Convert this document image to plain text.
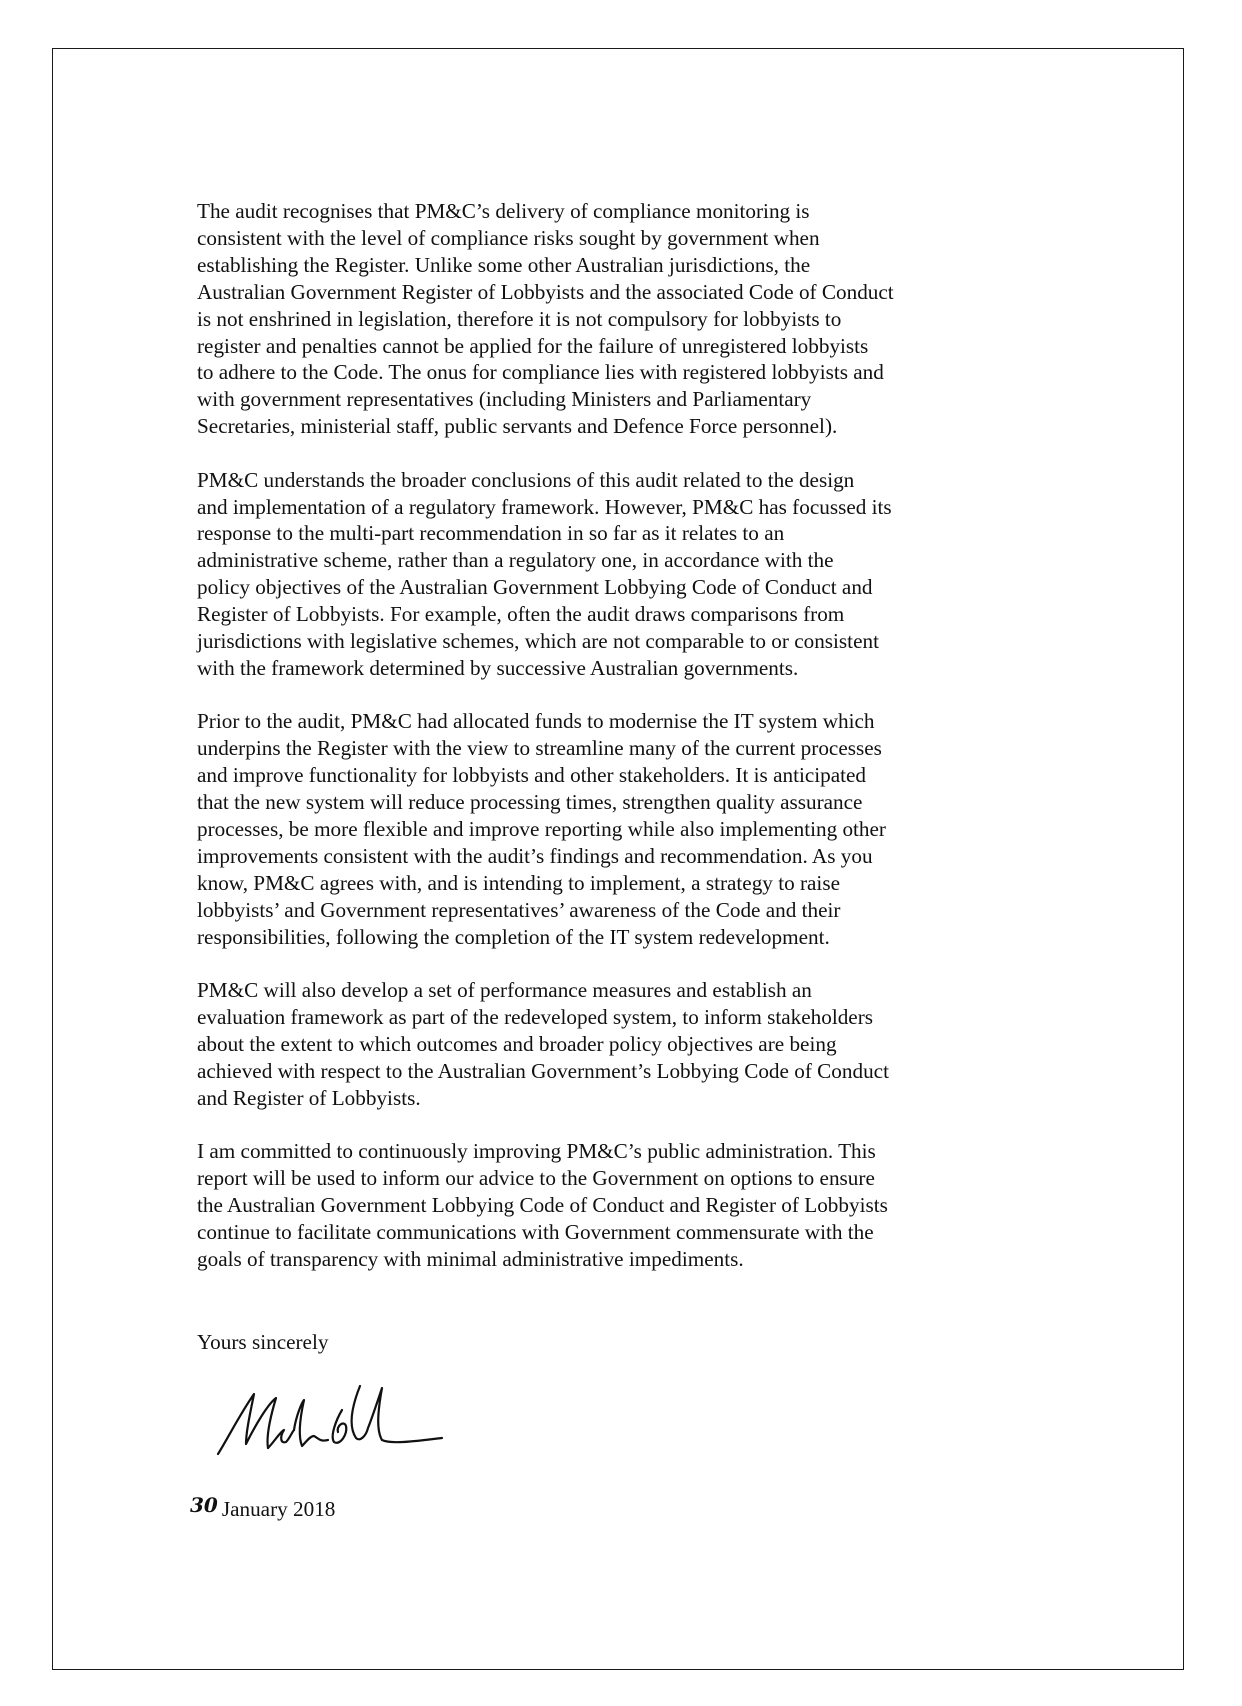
The audit recognises that PM&C’s delivery of compliance monitoring is
consistent with the level of compliance risks sought by government when
establishing the Register. Unlike some other Australian jurisdictions, the
Australian Government Register of Lobbyists and the associated Code of Conduct
is not enshrined in legislation, therefore it is not compulsory for lobbyists to
register and penalties cannot be applied for the failure of unregistered lobbyists
to adhere to the Code. The onus for compliance lies with registered lobbyists and
with government representatives (including Ministers and Parliamentary
Secretaries, ministerial staff, public servants and Defence Force personnel).

PM&C understands the broader conclusions of this audit related to the design
and implementation of a regulatory framework. However, PM&C has focussed its
response to the multi-part recommendation in so far as it relates to an
administrative scheme, rather than a regulatory one, in accordance with the
policy objectives of the Australian Government Lobbying Code of Conduct and
Register of Lobbyists. For example, often the audit draws comparisons from
jurisdictions with legislative schemes, which are not comparable to or consistent
with the framework determined by successive Australian governments.

Prior to the audit, PM&C had allocated funds to modernise the IT system which
underpins the Register with the view to streamline many of the current processes
and improve functionality for lobbyists and other stakeholders. It is anticipated
that the new system will reduce processing times, strengthen quality assurance
processes, be more flexible and improve reporting while also implementing other
improvements consistent with the audit’s findings and recommendation. As you
know, PM&C agrees with, and is intending to implement, a strategy to raise
lobbyists’ and Government representatives’ awareness of the Code and their
responsibilities, following the completion of the IT system redevelopment.

PM&C will also develop a set of performance measures and establish an
evaluation framework as part of the redeveloped system, to inform stakeholders
about the extent to which outcomes and broader policy objectives are being
achieved with respect to the Australian Government’s Lobbying Code of Conduct
and Register of Lobbyists.

I am committed to continuously improving PM&C’s public administration. This
report will be used to inform our advice to the Government on options to ensure
the Australian Government Lobbying Code of Conduct and Register of Lobbyists
continue to facilitate communications with Government commensurate with the
goals of transparency with minimal administrative impediments.

Yours sincerely

30 January 2018
